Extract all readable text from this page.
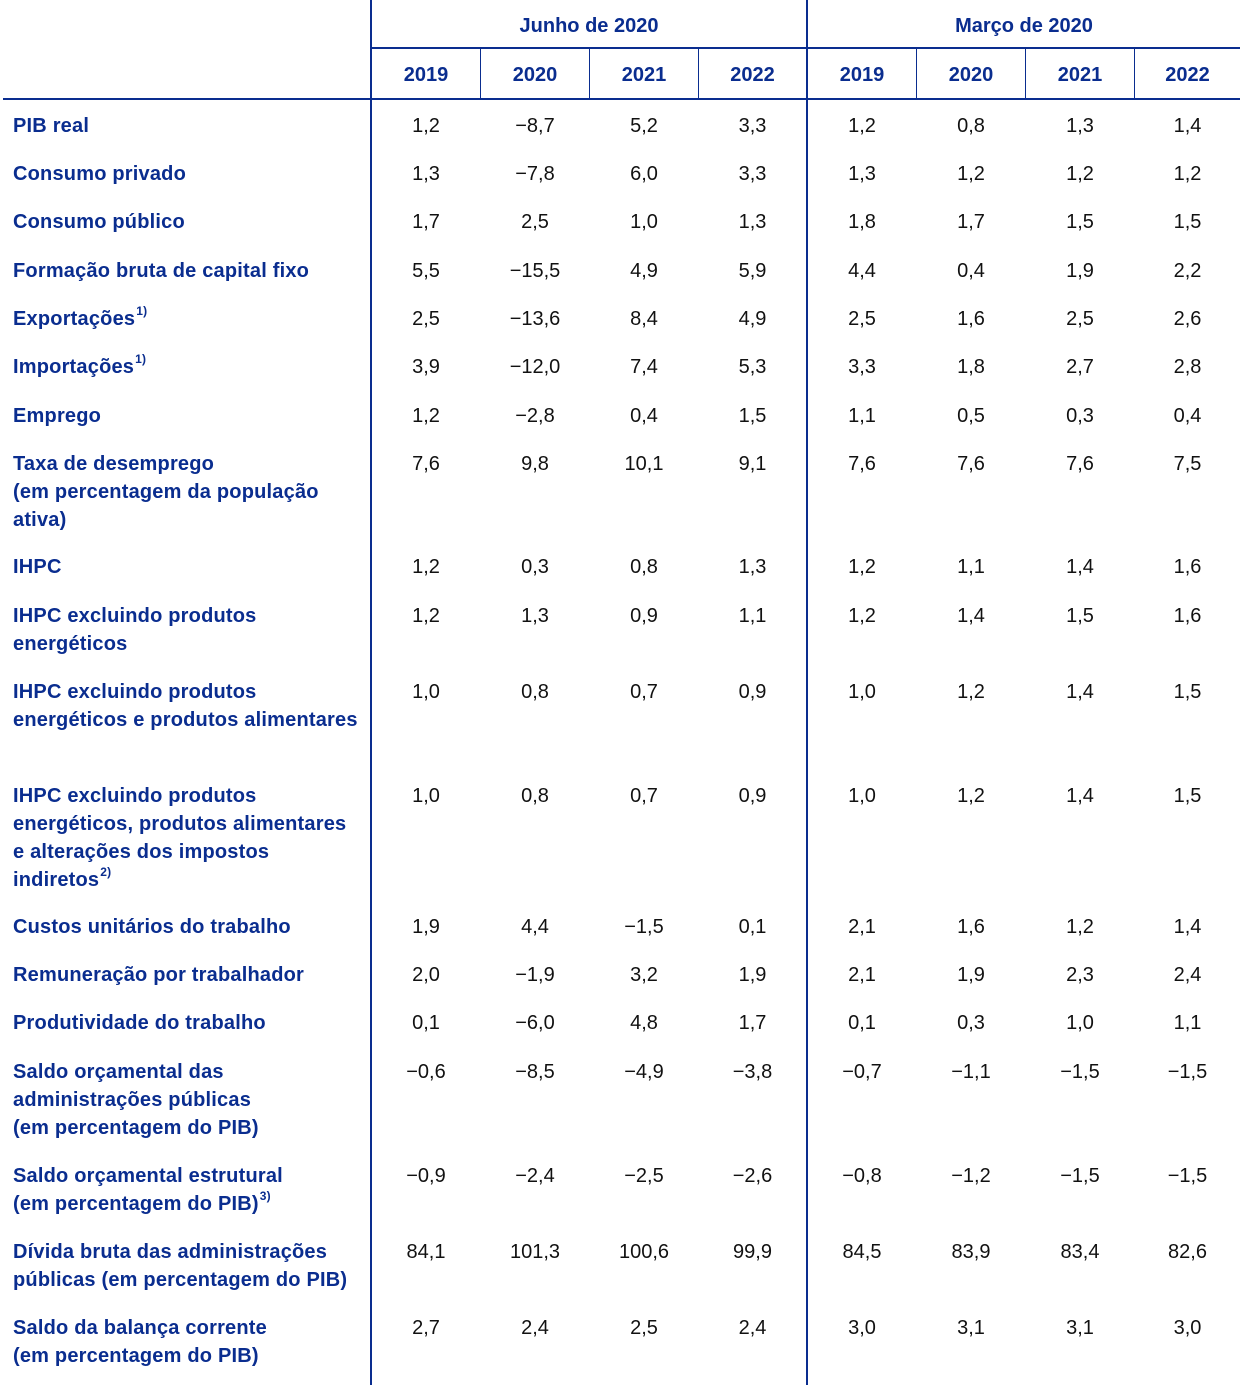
Junho de 2020	Março de 2020
2019	2020	2021	2022	2019	2020	2021	2022
PIB real	1,2	−8,7	5,2	3,3	1,2	0,8	1,3	1,4
Consumo privado	1,3	−7,8	6,0	3,3	1,3	1,2	1,2	1,2
Consumo público	1,7	2,5	1,0	1,3	1,8	1,7	1,5	1,5
Formação bruta de capital fixo	5,5	−15,5	4,9	5,9	4,4	0,4	1,9	2,2
Exportações$^{1)}$	2,5	−13,6	8,4	4,9	2,5	1,6	2,5	2,6
Importações$^{1)}$	3,9	−12,0	7,4	5,3	3,3	1,8	2,7	2,8
Emprego	1,2	−2,8	0,4	1,5	1,1	0,5	0,3	0,4
Taxa de desemprego
(em percentagem da população ativa)
7,6	9,8	10,1	9,1	7,6	7,6	7,6	7,5
IHPC	1,2	0,3	0,8	1,3	1,2	1,1	1,4	1,6
IHPC excluindo produtos energéticos
1,2	1,3	0,9	1,1	1,2	1,4	1,5	1,6
IHPC excluindo produtos energéticos e produtos alimentares
1,0	0,8	0,7	0,9	1,0	1,2	1,4	1,5
IHPC excluindo produtos energéticos, produtos alimentares e alterações dos impostos indiretos$^{2)}$
1,0	0,8	0,7	0,9	1,0	1,2	1,4	1,5
Custos unitários do trabalho	1,9	4,4	−1,5	0,1	2,1	1,6	1,2	1,4
Remuneração por trabalhador	2,0	−1,9	3,2	1,9	2,1	1,9	2,3	2,4
Produtividade do trabalho	0,1	−6,0	4,8	1,7	0,1	0,3	1,0	1,1
Saldo orçamental das administrações públicas
(em percentagem do PIB)
−0,6	−8,5	−4,9	−3,8	−0,7	−1,1	−1,5	−1,5
Saldo orçamental estrutural
(em percentagem do PIB)$^{3)}$
−0,9	−2,4	−2,5	−2,6	−0,8	−1,2	−1,5	−1,5
Dívida bruta das administrações públicas (em percentagem do PIB)
84,1	101,3	100,6	99,9	84,5	83,9	83,4	82,6
Saldo da balança corrente
(em percentagem do PIB)
2,7	2,4	2,5	2,4	3,0	3,1	3,1	3,0
